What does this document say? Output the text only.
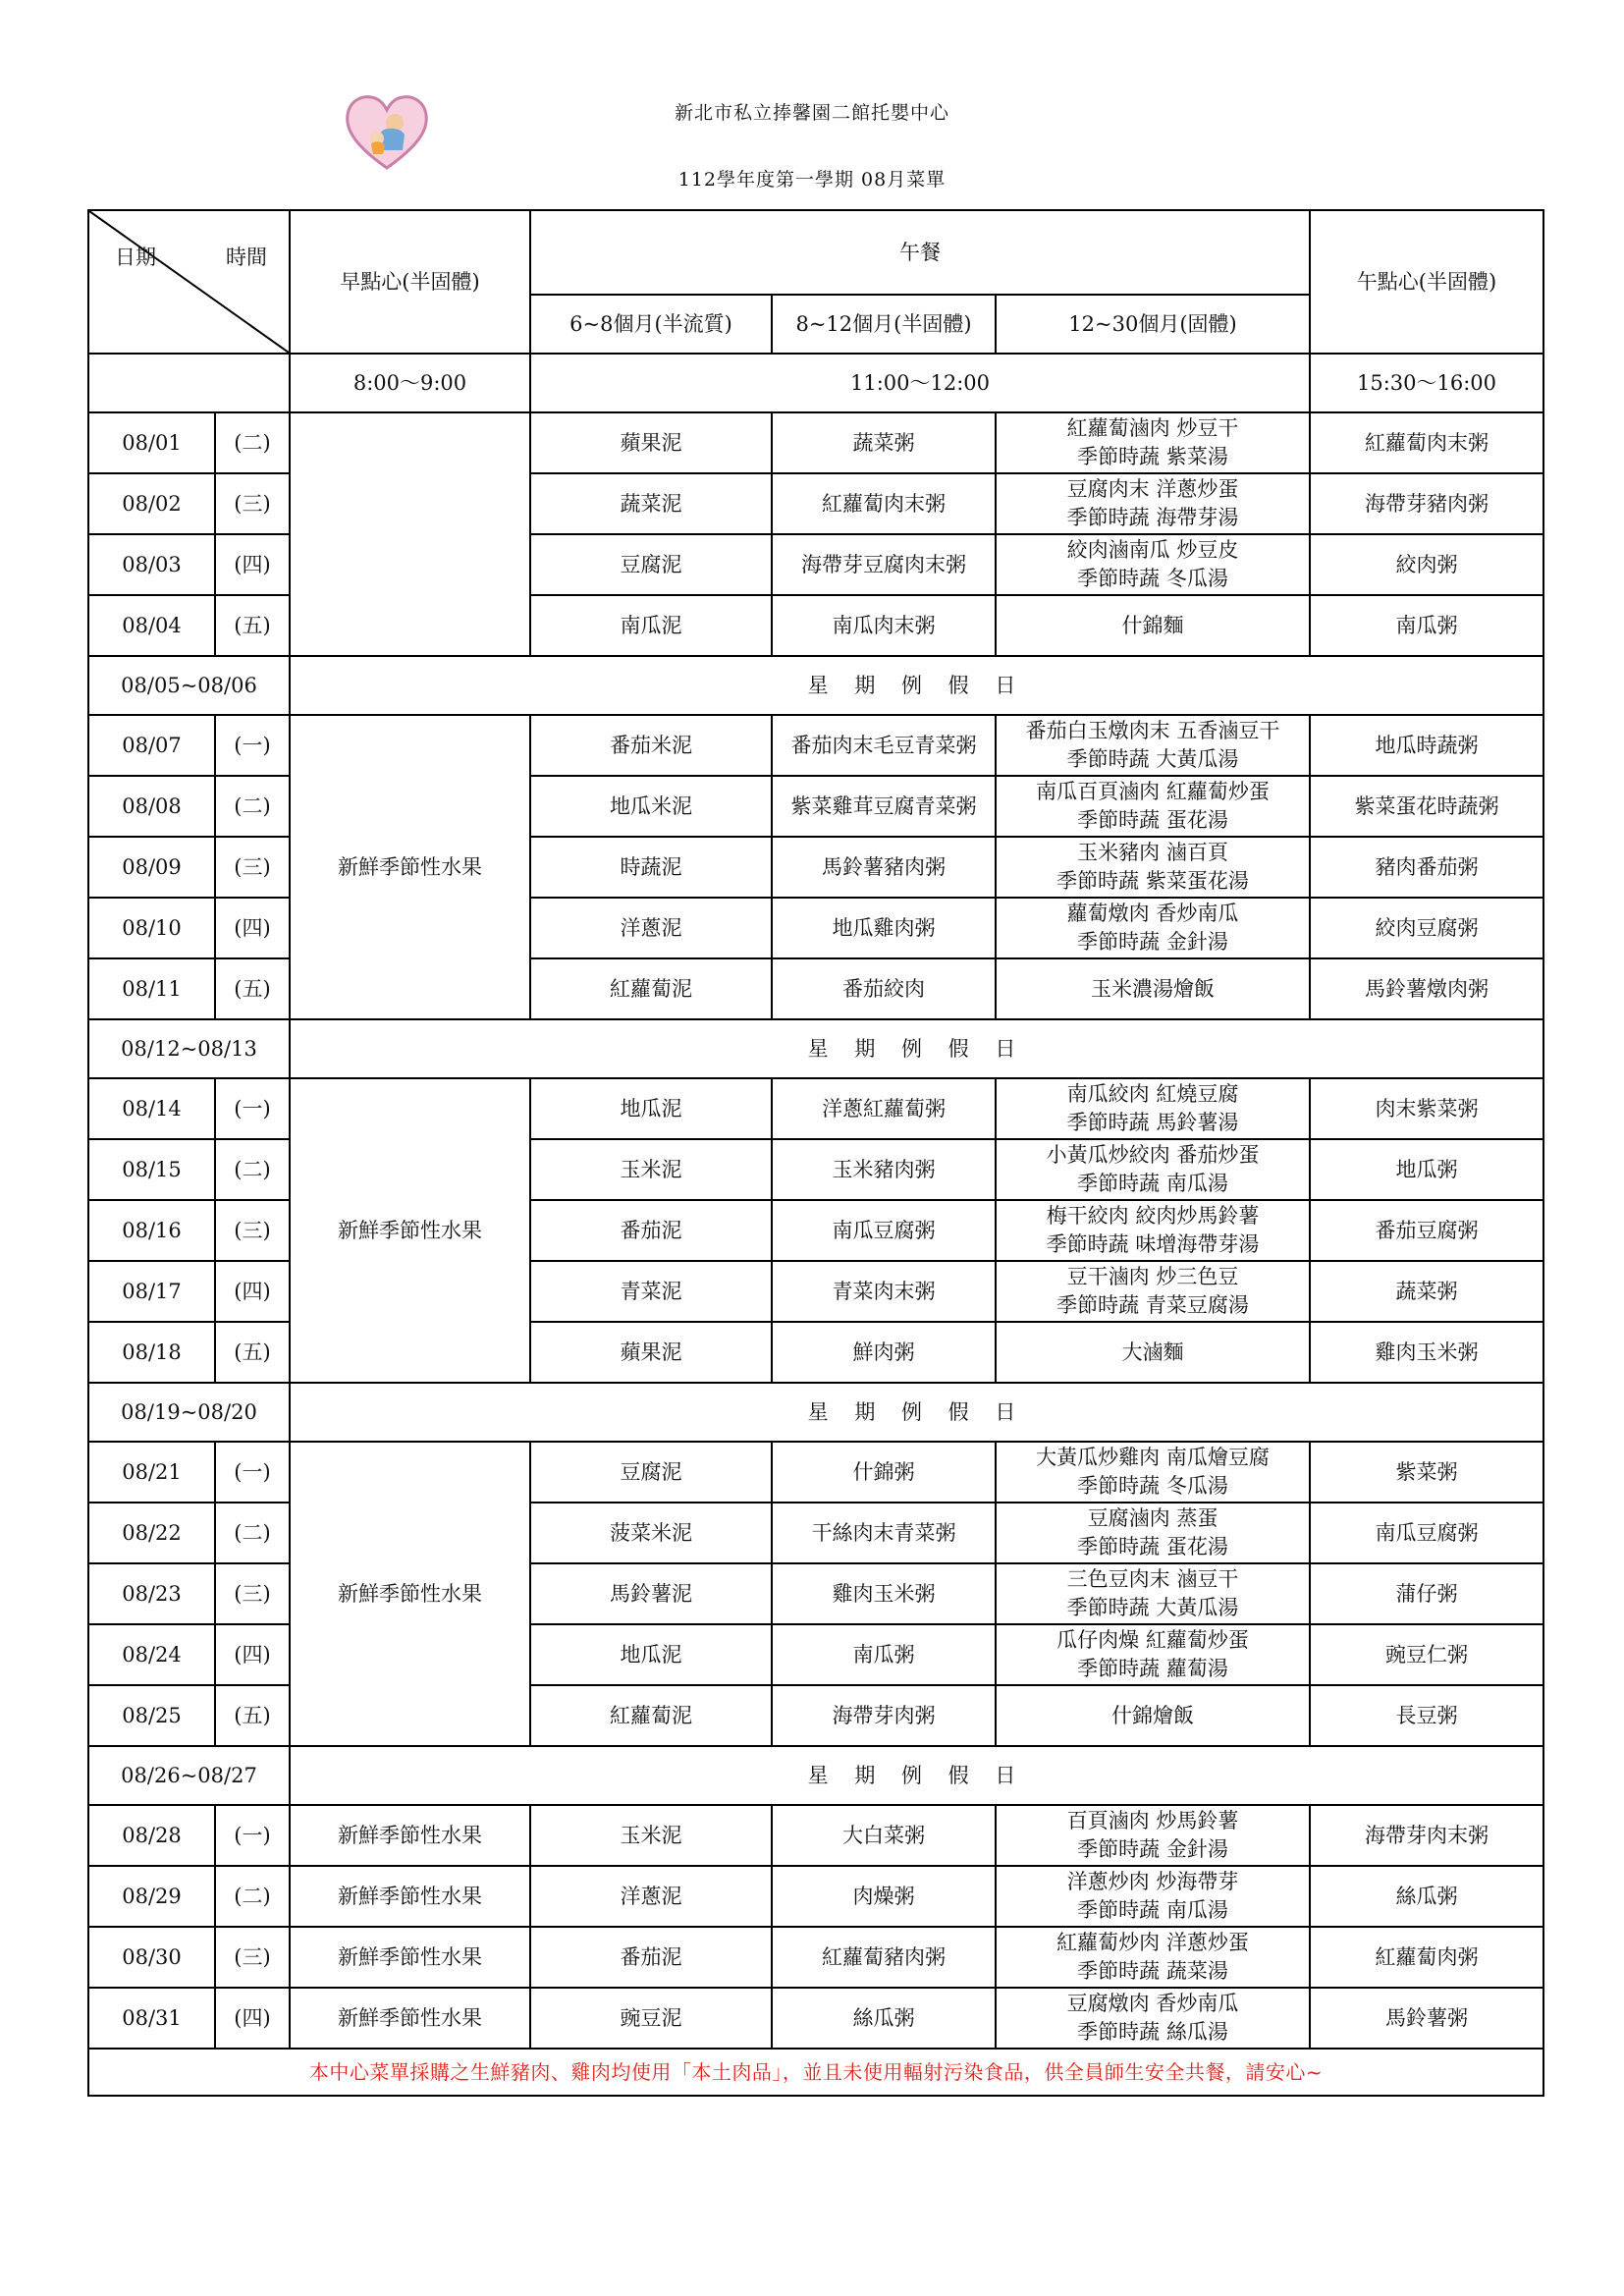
新北市私立捧馨園二館托嬰中心
112學年度第一學期 08月菜單
日期 時間		早點心(半固體)	午餐			午點心(半固體)
			6~8個月(半流質)	8~12個月(半固體)	12~30個月(固體)	
		8:00～9:00	11:00～12:00			15:30～16:00
08/01	(二)		蘋果泥	蔬菜粥	紅蘿蔔滷肉 炒豆干
季節時蔬 紫菜湯	紅蘿蔔肉末粥
08/02	(三)		蔬菜泥	紅蘿蔔肉末粥	豆腐肉末 洋蔥炒蛋
季節時蔬 海帶芽湯	海帶芽豬肉粥
08/03	(四)		豆腐泥	海帶芽豆腐肉末粥	絞肉滷南瓜 炒豆皮
季節時蔬 冬瓜湯	絞肉粥
08/04	(五)		南瓜泥	南瓜肉末粥	什錦麵	南瓜粥
08/05~08/06		星 期 例 假 日				
08/07	(一)	新鮮季節性水果	番茄米泥	番茄肉末毛豆青菜粥	番茄白玉燉肉末 五香滷豆干
季節時蔬 大黃瓜湯	地瓜時蔬粥
08/08	(二)		地瓜米泥	紫菜雞茸豆腐青菜粥	南瓜百頁滷肉 紅蘿蔔炒蛋
季節時蔬 蛋花湯	紫菜蛋花時蔬粥
08/09	(三)		時蔬泥	馬鈴薯豬肉粥	玉米豬肉 滷百頁
季節時蔬 紫菜蛋花湯	豬肉番茄粥
08/10	(四)		洋蔥泥	地瓜雞肉粥	蘿蔔燉肉 香炒南瓜
季節時蔬 金針湯	絞肉豆腐粥
08/11	(五)		紅蘿蔔泥	番茄絞肉	玉米濃湯燴飯	馬鈴薯燉肉粥
08/12~08/13		星 期 例 假 日				
08/14	(一)	新鮮季節性水果	地瓜泥	洋蔥紅蘿蔔粥	南瓜絞肉 紅燒豆腐
季節時蔬 馬鈴薯湯	肉末紫菜粥
08/15	(二)		玉米泥	玉米豬肉粥	小黃瓜炒絞肉 番茄炒蛋
季節時蔬 南瓜湯	地瓜粥
08/16	(三)		番茄泥	南瓜豆腐粥	梅干絞肉 絞肉炒馬鈴薯
季節時蔬 味增海帶芽湯	番茄豆腐粥
08/17	(四)		青菜泥	青菜肉末粥	豆干滷肉 炒三色豆
季節時蔬 青菜豆腐湯	蔬菜粥
08/18	(五)		蘋果泥	鮮肉粥	大滷麵	雞肉玉米粥
08/19~08/20		星 期 例 假 日				
08/21	(一)	新鮮季節性水果	豆腐泥	什錦粥	大黃瓜炒雞肉 南瓜燴豆腐
季節時蔬 冬瓜湯	紫菜粥
08/22	(二)		菠菜米泥	干絲肉末青菜粥	豆腐滷肉 蒸蛋
季節時蔬 蛋花湯	南瓜豆腐粥
08/23	(三)		馬鈴薯泥	雞肉玉米粥	三色豆肉末 滷豆干
季節時蔬 大黃瓜湯	蒲仔粥
08/24	(四)		地瓜泥	南瓜粥	瓜仔肉燥 紅蘿蔔炒蛋
季節時蔬 蘿蔔湯	豌豆仁粥
08/25	(五)		紅蘿蔔泥	海帶芽肉粥	什錦燴飯	長豆粥
08/26~08/27		星 期 例 假 日				
08/28	(一)	新鮮季節性水果	玉米泥	大白菜粥	百頁滷肉 炒馬鈴薯
季節時蔬 金針湯	海帶芽肉末粥
08/29	(二)	新鮮季節性水果	洋蔥泥	肉燥粥	洋蔥炒肉 炒海帶芽
季節時蔬 南瓜湯	絲瓜粥
08/30	(三)	新鮮季節性水果	番茄泥	紅蘿蔔豬肉粥	紅蘿蔔炒肉 洋蔥炒蛋
季節時蔬 蔬菜湯	紅蘿蔔肉粥
08/31	(四)	新鮮季節性水果	豌豆泥	絲瓜粥	豆腐燉肉 香炒南瓜
季節時蔬 絲瓜湯	馬鈴薯粥
本中心菜單採購之生鮮豬肉、雞肉均使用「本土肉品」，並且未使用輻射污染食品，供全員師生安全共餐，請安心~						
